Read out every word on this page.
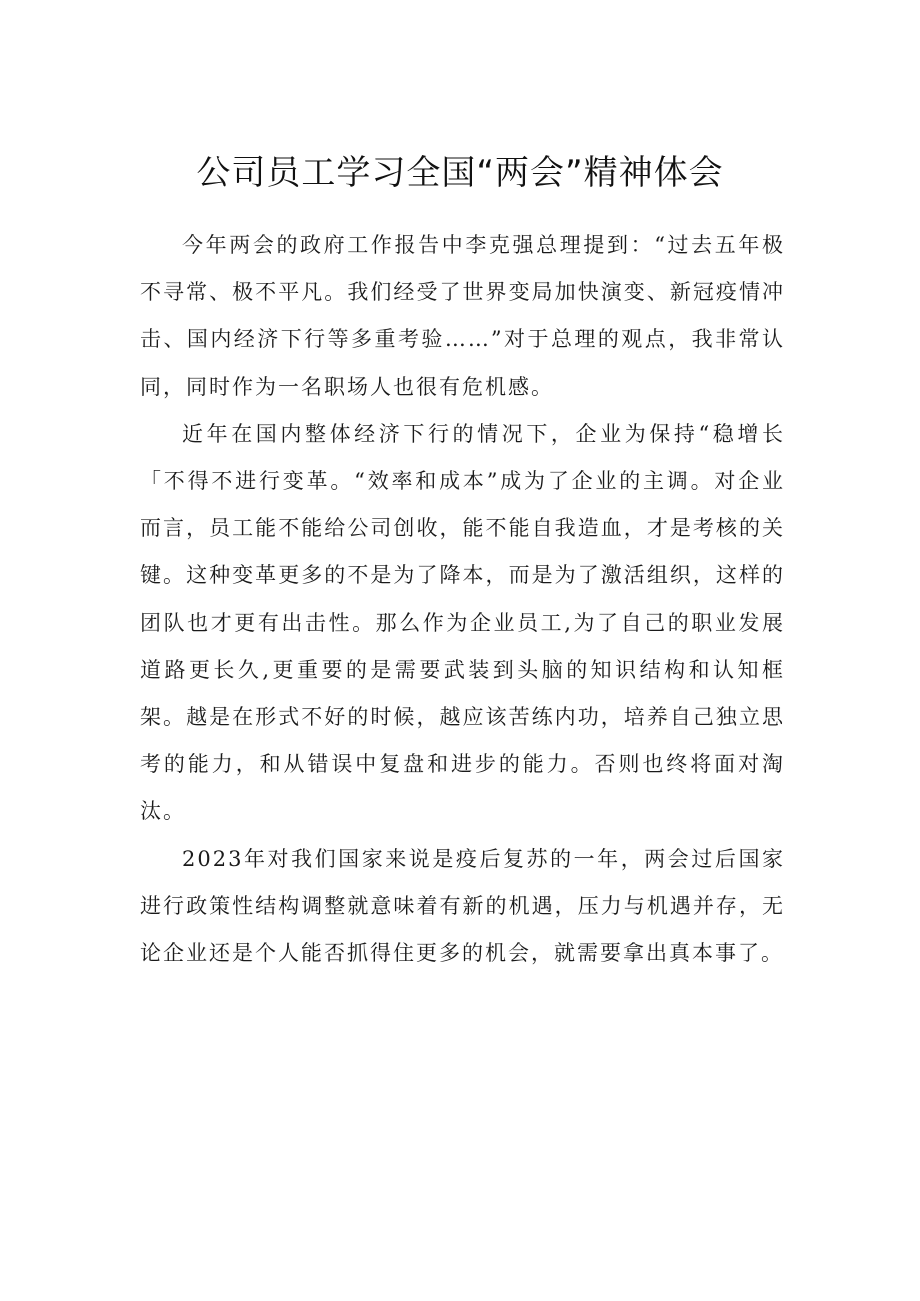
公司员工学习全国“两会”精神体会

今年两会的政府工作报告中李克强总理提到：“过去五年极不寻常、极不平凡。我们经受了世界变局加快演变、新冠疫情冲击、国内经济下行等多重考验……”对于总理的观点，我非常认同，同时作为一名职场人也很有危机感。

近年在国内整体经济下行的情况下，企业为保持“稳增长「不得不进行变革。“效率和成本”成为了企业的主调。对企业而言，员工能不能给公司创收，能不能自我造血，才是考核的关键。这种变革更多的不是为了降本，而是为了激活组织，这样的团队也才更有出击性。那么作为企业员工,为了自己的职业发展道路更长久,更重要的是需要武装到头脑的知识结构和认知框架。越是在形式不好的时候，越应该苦练内功，培养自己独立思考的能力，和从错误中复盘和进步的能力。否则也终将面对淘汰。

2023年对我们国家来说是疫后复苏的一年，两会过后国家进行政策性结构调整就意味着有新的机遇，压力与机遇并存，无论企业还是个人能否抓得住更多的机会，就需要拿出真本事了。
